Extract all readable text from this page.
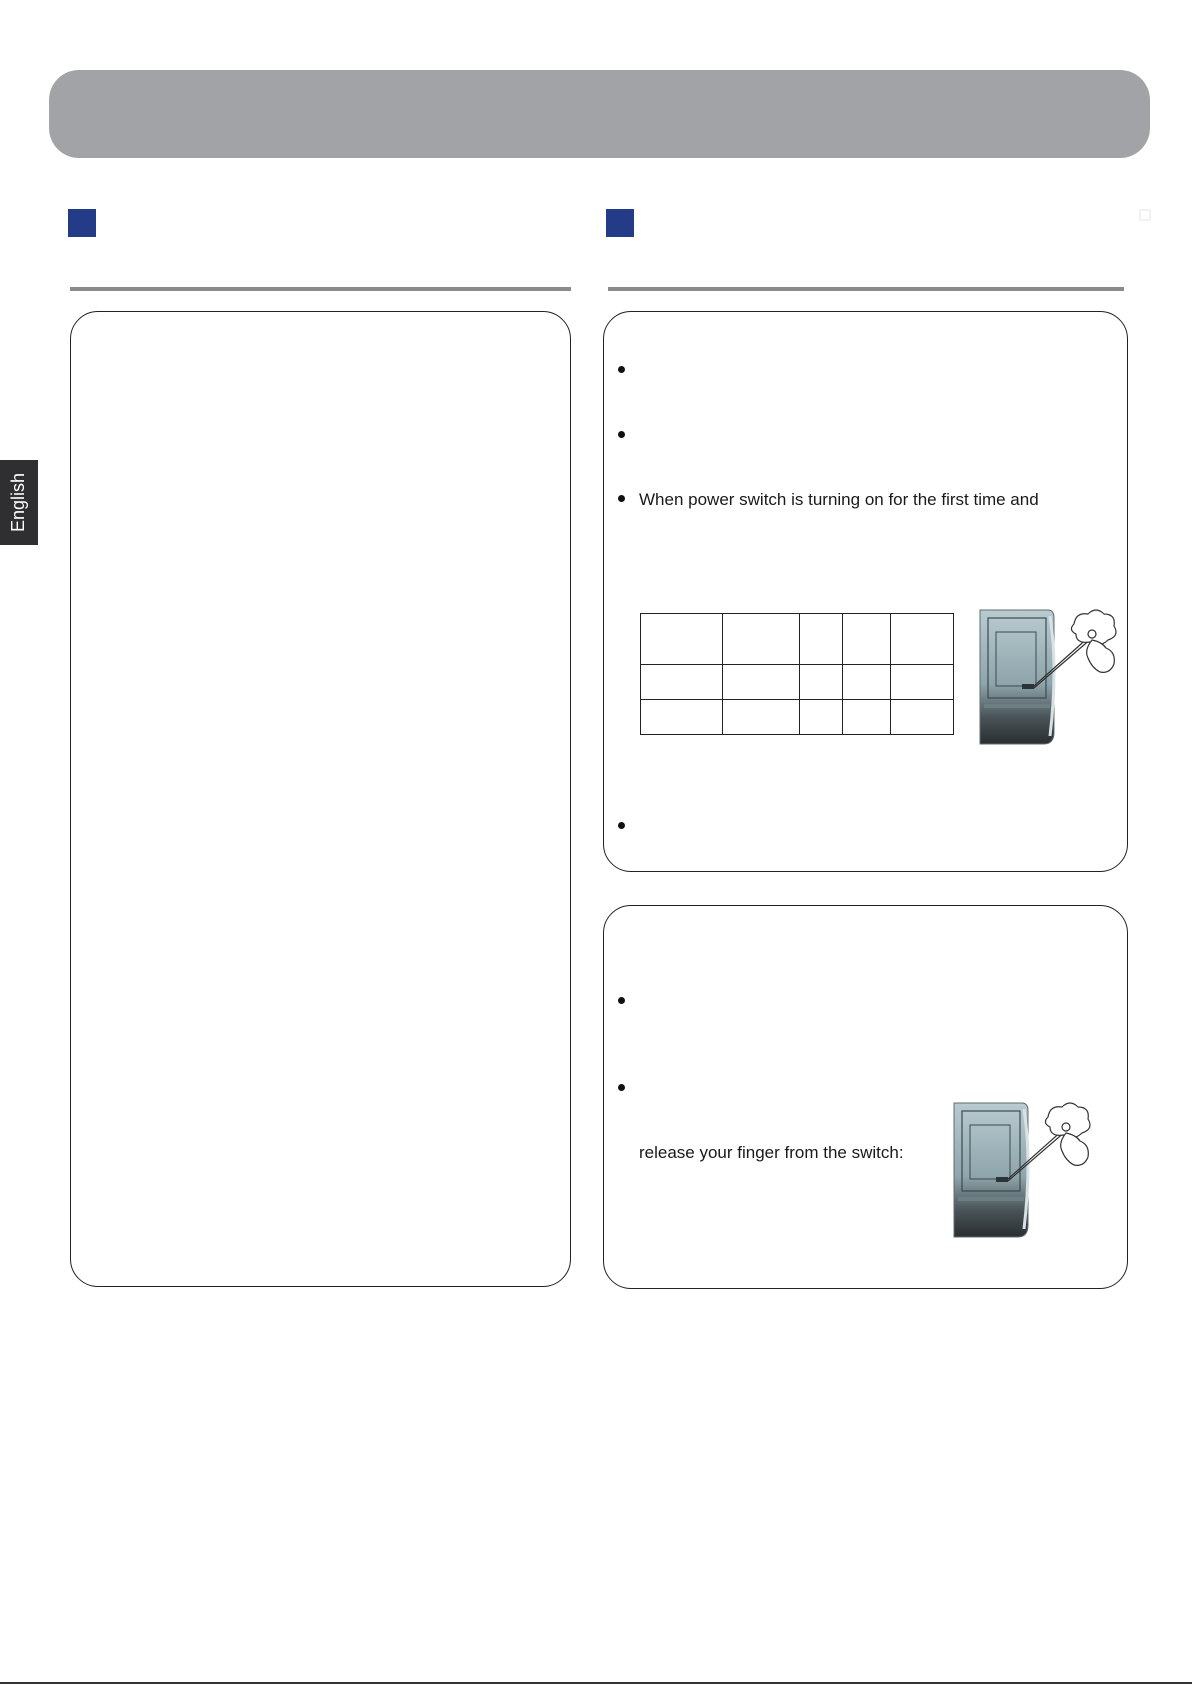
English	When power switch is turning on for the first time and

release your finger from the switch:
